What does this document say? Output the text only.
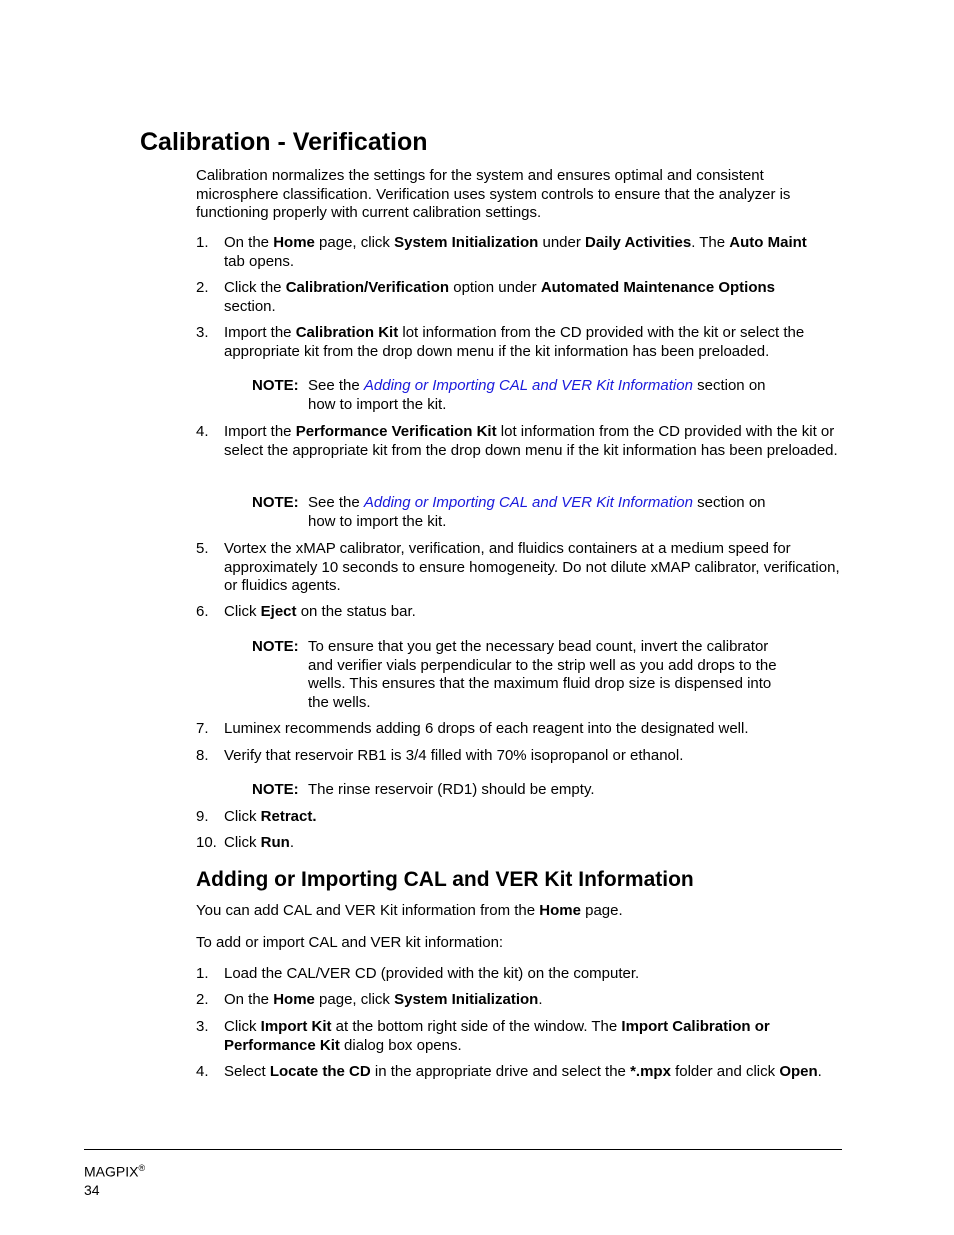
Calibration - Verification

Calibration normalizes the settings for the system and ensures optimal and consistent microsphere classification. Verification uses system controls to ensure that the analyzer is functioning properly with current calibration settings.

1. On the Home page, click System Initialization under Daily Activities. The Auto Maint
tab opens.
2. Click the Calibration/Verification option under Automated Maintenance Options
section.
3. Import the Calibration Kit lot information from the CD provided with the kit or select the appropriate kit from the drop down menu if the kit information has been preloaded.
NOTE: See the Adding or Importing CAL and VER Kit Information section on how to import the kit.
4. Import the Performance Verification Kit lot information from the CD provided with the kit or select the appropriate kit from the drop down menu if the kit information has been preloaded.
NOTE: See the Adding or Importing CAL and VER Kit Information section on how to import the kit.
5. Vortex the xMAP calibrator, verification, and fluidics containers at a medium speed for approximately 10 seconds to ensure homogeneity. Do not dilute xMAP calibrator, verification, or fluidics agents.
6. Click Eject on the status bar.
NOTE: To ensure that you get the necessary bead count, invert the calibrator and verifier vials perpendicular to the strip well as you add drops to the wells. This ensures that the maximum fluid drop size is dispensed into the wells.
7. Luminex recommends adding 6 drops of each reagent into the designated well.
8. Verify that reservoir RB1 is 3/4 filled with 70% isopropanol or ethanol.
NOTE: The rinse reservoir (RD1) should be empty.
9. Click Retract.
10. Click Run.
Adding or Importing CAL and VER Kit Information

You can add CAL and VER Kit information from the Home page.

To add or import CAL and VER kit information:

1. Load the CAL/VER CD (provided with the kit) on the computer.
2. On the Home page, click System Initialization.
3. Click Import Kit at the bottom right side of the window. The Import Calibration or Performance Kit dialog box opens.
4. Select Locate the CD in the appropriate drive and select the *.mpx folder and click Open.
MAGPIX®
34
